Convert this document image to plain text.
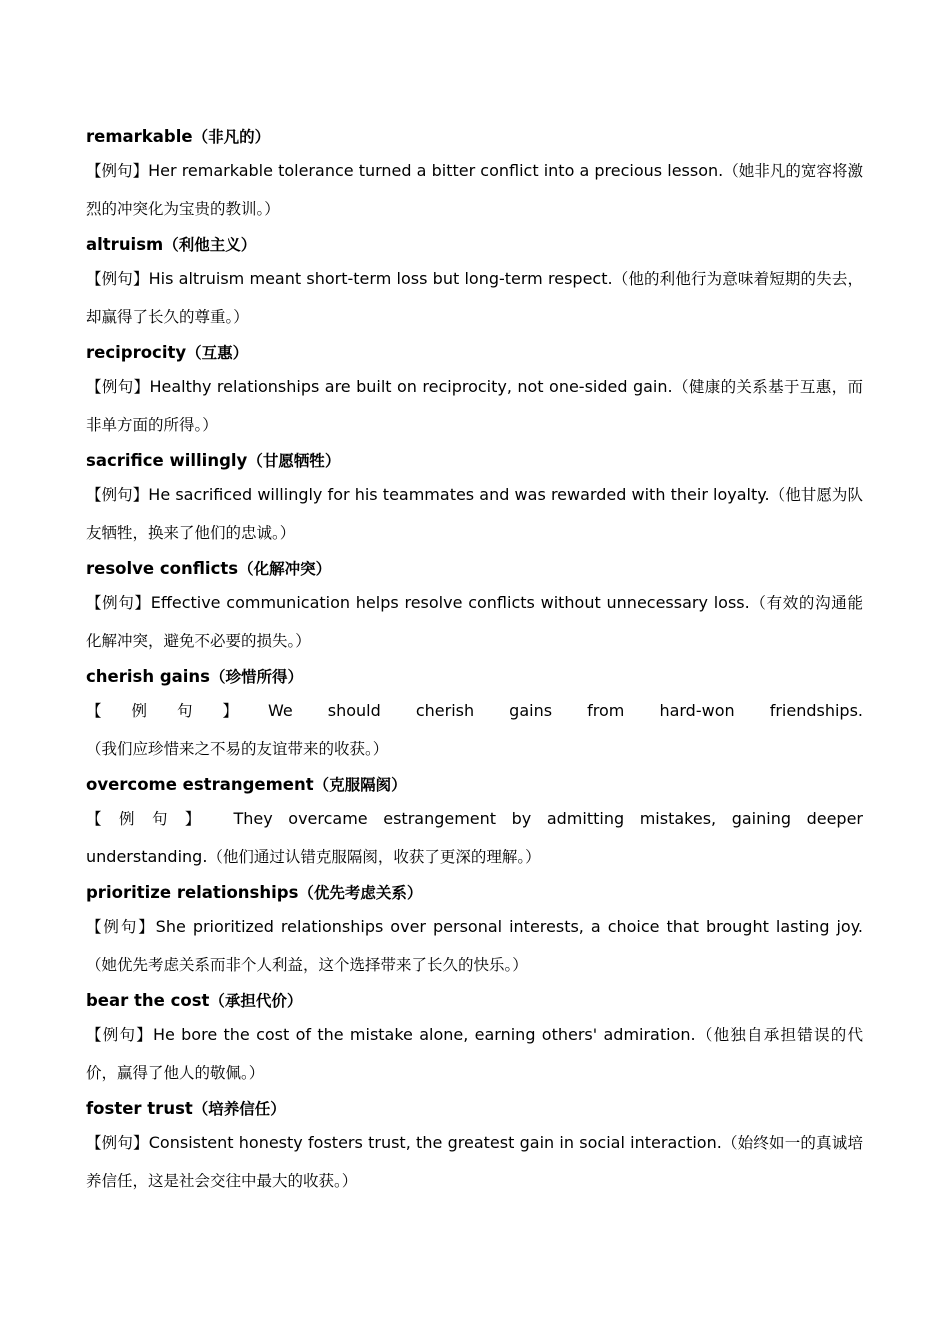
remarkable（非凡的）

【例句】Her remarkable tolerance turned a bitter conflict into a precious lesson.（她非凡的宽容将激烈的冲突化为宝贵的教训。）

altruism（利他主义）

【例句】His altruism meant short-term loss but long-term respect.（他的利他行为意味着短期的失去，却赢得了长久的尊重。）

reciprocity（互惠）

【例句】Healthy relationships are built on reciprocity, not one-sided gain.（健康的关系基于互惠，而非单方面的所得。）

sacrifice willingly（甘愿牺牲）

【例句】He sacrificed willingly for his teammates and was rewarded with their loyalty.（他甘愿为队友牺牲，换来了他们的忠诚。）

resolve conflicts（化解冲突）

【例句】Effective communication helps resolve conflicts without unnecessary loss.（有效的沟通能化解冲突，避免不必要的损失。）

cherish gains（珍惜所得）

【例句】We should cherish gains from hard-won friendships.（我们应珍惜来之不易的友谊带来的收获。）

overcome estrangement（克服隔阂）

【例句】 They overcame estrangement by admitting mistakes, gaining deeper understanding.（他们通过认错克服隔阂，收获了更深的理解。）

prioritize relationships（优先考虑关系）

【例句】She prioritized relationships over personal interests, a choice that brought lasting joy.（她优先考虑关系而非个人利益，这个选择带来了长久的快乐。）

bear the cost（承担代价）

【例句】He bore the cost of the mistake alone, earning others' admiration.（他独自承担错误的代价，赢得了他人的敬佩。）

foster trust（培养信任）

【例句】Consistent honesty fosters trust, the greatest gain in social interaction.（始终如一的真诚培养信任，这是社会交往中最大的收获。）
